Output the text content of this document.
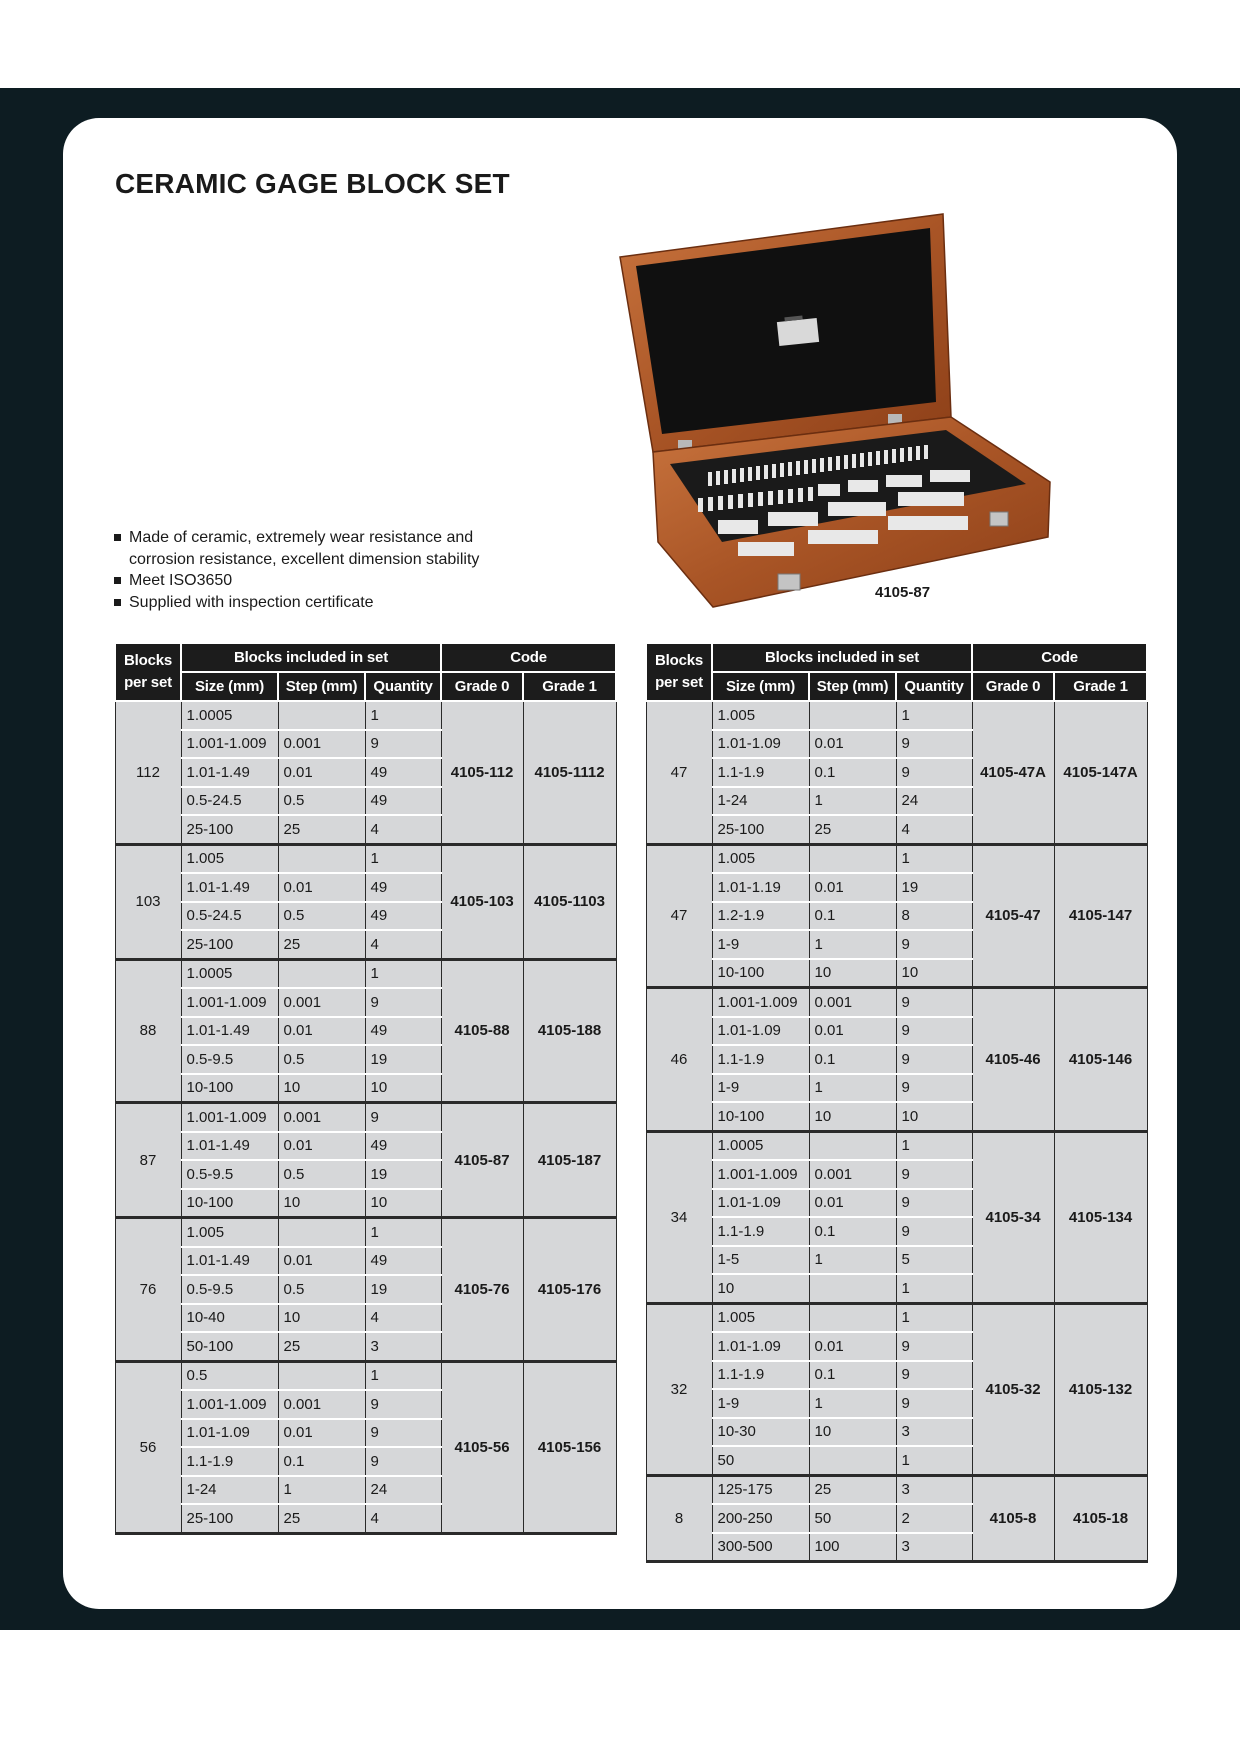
CERAMIC GAGE BLOCK SET
4105-87
Made of ceramic, extremely wear resistance and corrosion resistance, excellent dimension stability
Meet ISO3650
Supplied with inspection certificate
Blocks per set	Blocks included in set			Code	
	Size (mm)	Step (mm)	Quantity	Grade 0	Grade 1
112	1.0005		1	4105-112	4105-1112
	1.001-1.009	0.001	9		
	1.01-1.49	0.01	49		
	0.5-24.5	0.5	49		
	25-100	25	4		
103	1.005		1	4105-103	4105-1103
	1.01-1.49	0.01	49		
	0.5-24.5	0.5	49		
	25-100	25	4		
88	1.0005		1	4105-88	4105-188
	1.001-1.009	0.001	9		
	1.01-1.49	0.01	49		
	0.5-9.5	0.5	19		
	10-100	10	10		
87	1.001-1.009	0.001	9	4105-87	4105-187
	1.01-1.49	0.01	49		
	0.5-9.5	0.5	19		
	10-100	10	10		
76	1.005		1	4105-76	4105-176
	1.01-1.49	0.01	49		
	0.5-9.5	0.5	19		
	10-40	10	4		
	50-100	25	3		
56	0.5		1	4105-56	4105-156
	1.001-1.009	0.001	9		
	1.01-1.09	0.01	9		
	1.1-1.9	0.1	9		
	1-24	1	24		
	25-100	25	4		
Blocks per set	Blocks included in set			Code	
	Size (mm)	Step (mm)	Quantity	Grade 0	Grade 1
47	1.005		1	4105-47A	4105-147A
	1.01-1.09	0.01	9		
	1.1-1.9	0.1	9		
	1-24	1	24		
	25-100	25	4		
47	1.005		1	4105-47	4105-147
	1.01-1.19	0.01	19		
	1.2-1.9	0.1	8		
	1-9	1	9		
	10-100	10	10		
46	1.001-1.009	0.001	9	4105-46	4105-146
	1.01-1.09	0.01	9		
	1.1-1.9	0.1	9		
	1-9	1	9		
	10-100	10	10		
34	1.0005		1	4105-34	4105-134
	1.001-1.009	0.001	9		
	1.01-1.09	0.01	9		
	1.1-1.9	0.1	9		
	1-5	1	5		
	10		1		
32	1.005		1	4105-32	4105-132
	1.01-1.09	0.01	9		
	1.1-1.9	0.1	9		
	1-9	1	9		
	10-30	10	3		
	50		1		
8	125-175	25	3	4105-8	4105-18
	200-250	50	2		
	300-500	100	3		
